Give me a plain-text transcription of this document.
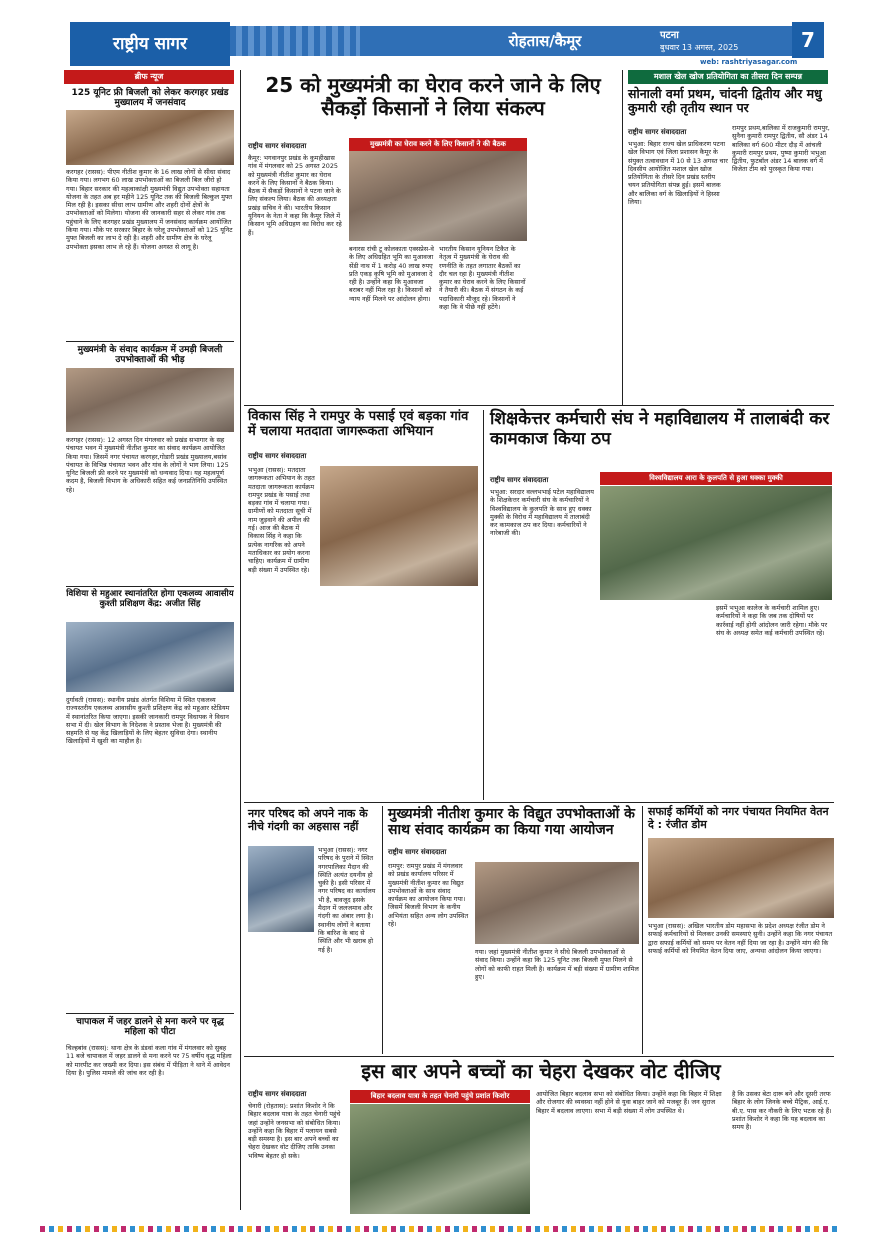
राष्ट्रीय सागर	रोहतास/कैमूर	पटना
बुधवार 13 अगस्त, 2025	7
web: rashtriyasagar.com
ब्रीफ न्यूज
125 यूनिट फ्री बिजली को लेकर करगहर प्रखंड मुख्यालय में जनसंवाद
करगहर (रासस): पीएम नीतीश कुमार के 16 लाख लोगों से सीधा संवाद किया गया। लगभग 60 लाख उपभोक्ताओं का बिजली बिल जीरो हो गया। बिहार सरकार की महत्वाकांक्षी मुख्यमंत्री विद्युत उपभोक्ता सहायता योजना के तहत अब हर महीने 125 यूनिट तक की बिजली बिल्कुल मुफ्त मिल रही है। इसका सीधा लाभ ग्रामीण और शहरी दोनों क्षेत्रों के उपभोक्ताओं को मिलेगा। योजना की जानकारी सहर से लेकर गांव तक पहुंचाने के लिए करगहर प्रखंड मुख्यालय में जनसंवाद कार्यक्रम आयोजित किया गया। मौके पर सरकार बिहार के घरेलू उपभोक्ताओं को 125 यूनिट मुफ्त बिजली का लाभ दे रही है। शहरी और ग्रामीण क्षेत्र के घरेलू उपभोक्ता इसका लाभ ले रहे हैं। योजना अगस्त से लागू है।
मुख्यमंत्री के संवाद कार्यक्रम में उमड़ी बिजली उपभोक्ताओं की भीड़
करगहर (रासस): 12 अगस्त दिन मंगलवार को प्रखंड सभागार के सह पंचायत भवन में मुख्यमंत्री नीतीश कुमार का संवाद कार्यक्रम आयोजित किया गया। जिसमें नगर पंचायत करगहर,गोडारी प्रखंड मुख्यालय,बसांव पंचायत के विभिन्न पंचायत भवन और गांव के लोगों ने भाग लिया। 125 यूनिट बिजली फ्री करने पर मुख्यमंत्री को धन्यवाद दिया। यह महत्वपूर्ण कदम है, बिजली विभाग के अधिकारी सहित कई जनप्रतिनिधि उपस्थित रहे।
विशिया से महुआर स्थानांतरित होगा एकलव्य आवासीय कुश्ती प्रशिक्षण केंद्र: अजीत सिंह
दुर्गावती (रासस): स्थानीय प्रखंड अंतर्गत विशिया में स्थित एकलव्य राज्यस्तरीय एकलव्य आवासीय कुश्ती प्रशिक्षण केंद्र को महुआर स्टेडियम में स्थानांतरित किया जाएगा। इसकी जानकारी रामपुर विधायक ने विधान सभा में दी। खेल विभाग के निदेशक ने प्रस्ताव भेजा है। मुख्यमंत्री की सहमति से यह केंद्र खिलाड़ियों के लिए बेहतर सुविधा देगा। स्थानीय खिलाड़ियों में खुशी का माहौल है।
चापाकल में जहर डालने से मना करने पर वृद्ध महिला को पीटा
चिल्हबांव (रासस): थाना क्षेत्र के डंडवां कला गांव में मंगलवार को सुबह 11 बजे चापाकल में जहर डालने से मना करने पर 75 वर्षीय वृद्ध महिला को मारपीट कर जख्मी कर दिया। इस संबंध में पीड़िता ने थाने में आवेदन दिया है। पुलिस मामले की जांच कर रही है।
25 को मुख्यमंत्री का घेराव करने जाने के लिए सैकड़ों किसानों ने लिया संकल्प
राष्ट्रीय सागर संवाददाता
कैमूर: भगवानपुर प्रखंड के कुमहीखास गांव में मंगलवार को 25 अगस्त 2025 को मुख्यमंत्री नीतीश कुमार का घेराव करने के लिए किसानों ने बैठक किया। बैठक में सैकड़ों किसानों ने पटना जाने के लिए संकल्प लिया। बैठक की अध्यक्षता प्रखंड़ सचिव ने की। भारतीय किसान यूनियन के नेता ने कहा कि कैमूर जिले में किसान भूमि अधिग्रहण का विरोध कर रहे हैं।
मुख्यमंत्री का घेराव करने के लिए किसानों ने की बैठक
बनारस रांची टू कोलकाता एक्सप्रेस-वे के लिए अधिग्रहित भूमि का मुआवजा सेंडी नाथ में 1 करोड़ 40 लाख रुपए प्रति एकड़ कृषि भूमि को मुआवजा दे रही है। उन्होंने कहा कि मुआवजा बराबर नहीं मिल रहा है। किसानों को न्याय नहीं मिलने पर आंदोलन होगा।
भारतीय किसान यूनियन टिकैत के नेतृत्व में मुख्यमंत्री के घेराव की रणनीति के तहत लगातार बैठकों का दौर चल रहा है। मुख्यमंत्री नीतीश कुमार का घेराव करने के लिए किसानों ने तैयारी की। बैठक में संगठन के कई पदाधिकारी मौजूद रहे। किसानों ने कहा कि वे पीछे नहीं हटेंगे।
मशाल खेल खोज प्रतियोगिता का तीसरा दिन सम्पन्न
सोनाली वर्मा प्रथम, चांदनी द्वितीय और मधु कुमारी रही तृतीय स्थान पर
राष्ट्रीय सागर संवाददाता
भभुआ: बिहार राज्य खेल प्राधिकरण पटना खेल विभाग एवं जिला प्रशासन कैमूर के संयुक्त तत्वावधान में 10 से 13 अगस्त चार दिवसीय आयोजित मशाल खेल खोज प्रतियोगिता के तीसरे दिन प्रखंड स्तरीय चयन प्रतियोगिता संपन्न हुई। इसमें बालक और बालिका वर्ग के खिलाड़ियों ने हिस्सा लिया।
रामपुर प्रथम,बालिका में राजकुमारी रामपुर, सुनैना कुमारी रामपुर द्वितीय, सौ अंडर 14 बालिका वर्ग 600 मीटर दौड़ में आंचली कुमारी रामपुर प्रथम, पुष्पा कुमारी भभुआ द्वितीय, फुटबॉल अंडर 14 बालक वर्ग में विजेता टीम को पुरस्कृत किया गया।
विकास सिंह ने रामपुर के पसाई एवं बड़का गांव में चलाया मतदाता जागरूकता अभियान
राष्ट्रीय सागर संवाददाता
भभुआ (रासस): मतदाता जागरूकता अभियान के तहत मतदाता जागरूकता कार्यक्रम रामपुर प्रखंड के पसाई तथा बड़का गांव में चलाया गया। ग्रामीणों को मतदाता सूची में नाम जुड़वाने की अपील की गई। आज की बैठक में विकास सिंह ने कहा कि प्रत्येक नागरिक को अपने मताधिकार का प्रयोग करना चाहिए। कार्यक्रम में ग्रामीण बड़ी संख्या में उपस्थित रहे।
शिक्षकेत्तर कर्मचारी संघ ने महाविद्यालय में तालाबंदी कर कामकाज किया ठप
राष्ट्रीय सागर संवाददाता	विश्वविद्यालय आरा के कुलपति से हुआ धक्का मुक्की
भभुआ: सरदार वल्लभभाई पटेल महाविद्यालय के शिक्षकेत्तर कर्मचारी संघ के कर्मचारियों ने विश्वविद्यालय के कुलपति के साथ हुए धक्का मुक्की के विरोध में महाविद्यालय में तालाबंदी कर कामकाज ठप कर दिया। कर्मचारियों ने नारेबाजी की।
इसमें भभुआ कालेज के कर्मचारी शामिल हुए। कर्मचारियों ने कहा कि जब तक दोषियों पर कार्रवाई नहीं होगी आंदोलन जारी रहेगा। मौके पर संघ के अध्यक्ष समेत कई कर्मचारी उपस्थित रहे।
नगर परिषद को अपने नाक के नीचे गंदगी का अहसास नहीं
भभुआ (रासस): नगर परिषद के पुराने में स्थित नगरपालिका मैदान की स्थिति अत्यंत दयनीय हो चुकी है। इसी परिसर में नगर परिषद का कार्यालय भी है, बावजूद इसके मैदान में जलजमाव और गंदगी का अंबार लगा है। स्थानीय लोगों ने बताया कि बारिश के बाद से स्थिति और भी खराब हो गई है।
मुख्यमंत्री नीतीश कुमार के विद्युत उपभोक्ताओं के साथ संवाद कार्यक्रम का किया गया आयोजन
राष्ट्रीय सागर संवाददाता
रामपुर: रामपुर प्रखंड में मंगलवार को प्रखंड कार्यालय परिसर में मुख्यमंत्री नीतीश कुमार का विद्युत उपभोक्ताओं के साथ संवाद कार्यक्रम का आयोजन किया गया। जिसमें बिजली विभाग के कनीय अभियंता सहित अन्य लोग उपस्थित रहे।
गया। जहां मुख्यमंत्री नीतीश कुमार ने सीधे बिजली उपभोक्ताओं से संवाद किया। उन्होंने कहा कि 125 यूनिट तक बिजली मुफ्त मिलने से लोगों को काफी राहत मिली है। कार्यक्रम में बड़ी संख्या में ग्रामीण शामिल हुए।
सफाई कर्मियों को नगर पंचायत नियमित वेतन दे : रंजीत डोम
भभुआ (रासस): अखिल भारतीय डोम महासभा के प्रदेश अध्यक्ष रंजीत डोम ने सफाई कर्मचारियों से मिलकर उनकी समस्याएं सुनी। उन्होंने कहा कि नगर पंचायत द्वारा सफाई कर्मियों को समय पर वेतन नहीं दिया जा रहा है। उन्होंने मांग की कि सफाई कर्मियों को नियमित वेतन दिया जाए, अन्यथा आंदोलन किया जाएगा।
इस बार अपने बच्चों का चेहरा देखकर वोट दीजिए
राष्ट्रीय सागर संवाददाता
चेनारी (रोहतास): प्रशांत किशोर ने कि बिहार बदलाव यात्रा के तहत चेनारी पहुंचे जहां उन्होंने जनसभा को संबोधित किया। उन्होंने कहा कि बिहार में पलायन सबसे बड़ी समस्या है। इस बार अपने बच्चों का चेहरा देखकर वोट दीजिए ताकि उनका भविष्य बेहतर हो सके।
बिहार बदलाव यात्रा के तहत चेनारी पहुंचे प्रशांत किशोर	आयोजित बिहार बदलाव सभा को संबोधित किया। उन्होंने कहा कि बिहार में शिक्षा और रोजगार की व्यवस्था नहीं होने से युवा बाहर जाने को मजबूर हैं। जन सुराज बिहार में बदलाव लाएगा। सभा में बड़ी संख्या में लोग उपस्थित थे।
है कि उसका बेटा दारू बने और दूसरी तरफ बिहार के लोग जिनके बच्चे मैट्रिक, आई.ए. बी.ए. पास कर नौकरी के लिए भटक रहे हैं। प्रशांत किशोर ने कहा कि यह बदलाव का समय है।
